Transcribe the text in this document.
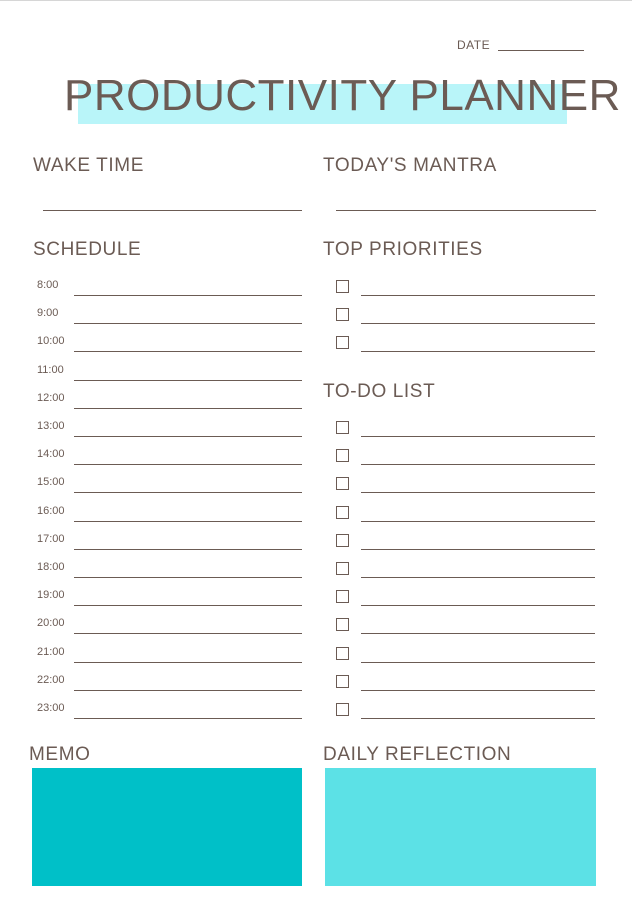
DATE
PRODUCTIVITY PLANNER
WAKE TIME	TODAY'S MANTRA
SCHEDULE
8:00
9:00
10:00
11:00
12:00
13:00
14:00
15:00
16:00
17:00
18:00
19:00
20:00
21:00
22:00
23:00
TOP PRIORITIES
TO-DO LIST
MEMO	DAILY REFLECTION
